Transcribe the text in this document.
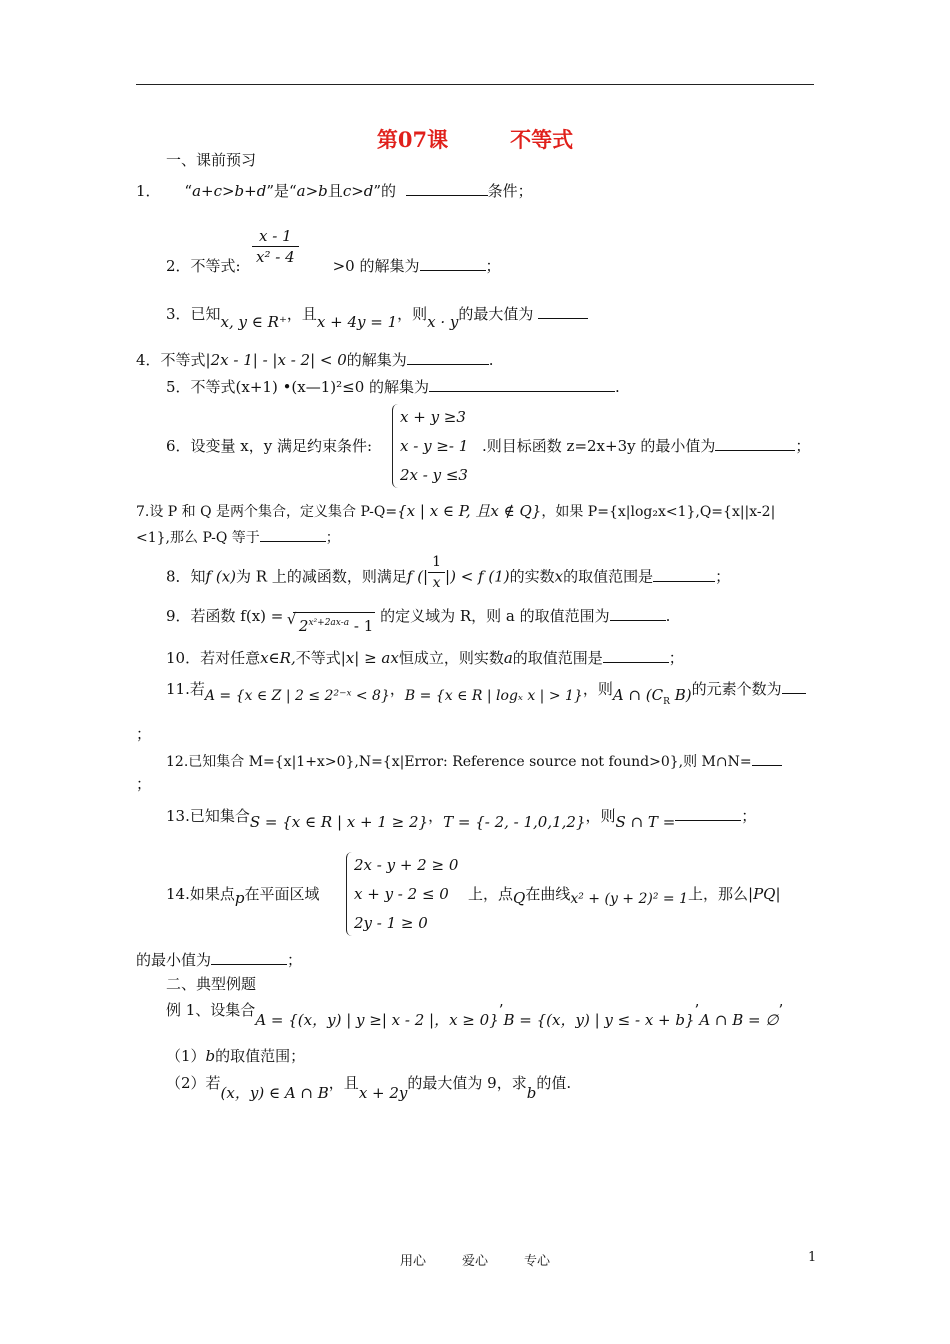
第07课	不等式
一、课前预习
1． “a+c>b+d”是“a>b且c>d”的	条件；
$\frac{x - 1}{\text{x² - 4}}$
2．不等式:	>0 的解集为	；
3．已知x, y ∈ R⁺，且x + 4y = 1，则x · y的最大值为
4．不等式|2x - 1| - |x - 2| < 0的解集为	.
5．不等式(x+1) •(x—1)²≤0 的解集为	.
x + y ≥3
x - y ≥- 1
2x - y ≤3
6．设变量 x，y 满足约束条件:	.则目标函数 z=2x+3y 的最小值为	；
7.设 P 和 Q 是两个集合，定义集合 P-Q={x | x ∈ P, 且x ∉ Q}，如果 P={x|log₂x<1},Q={x||x-2|
<1},那么 P-Q 等于	；
8．知f (x)为 R 上的减函数，则满足f (| $\frac{1}{x}$ |) < f (1)的实数x的取值范围是	；
9．若函数 f(x) = √ $2^{x^2+2ax-a} - 1$ 的定义域为 R，则 a 的取值范围为	.
10．若对任意x∈R,不等式|x| ≥ ax恒成立，则实数a的取值范围是	；
11.若A = {x ∈ Z | 2 ≤ 2²⁻ˣ < 8}，B = {x ∈ R | logₓ x | > 1}，则A ∩ ($C_R$ B)的元素个数为
；
12.已知集合 M={x|1+x>0},N={x|Error: Reference source not found>0},则 M∩N=
；
13.已知集合S = {x ∈ R | x + 1 ≥ 2}，T = {- 2, - 1,0,1,2}，则S ∩ T =	；
2x - y + 2 ≥ 0
x + y - 2 ≤ 0
2y - 1 ≥ 0
14.如果点p在平面区域	上，点Q在曲线x² + (y + 2)² = 1上，那么|PQ|
的最小值为	；
二、典型例题
例 1、设集合A = {(x，y) | y ≥| x - 2 |，x ≥ 0}’B = {(x，y) | y ≤ - x + b}’A ∩ B = ∅’
（1）b的取值范围；
（2）若(x，y) ∈ A ∩ B，且x + 2y的最大值为 9，求b的值.
用心	爱心	专心	1
